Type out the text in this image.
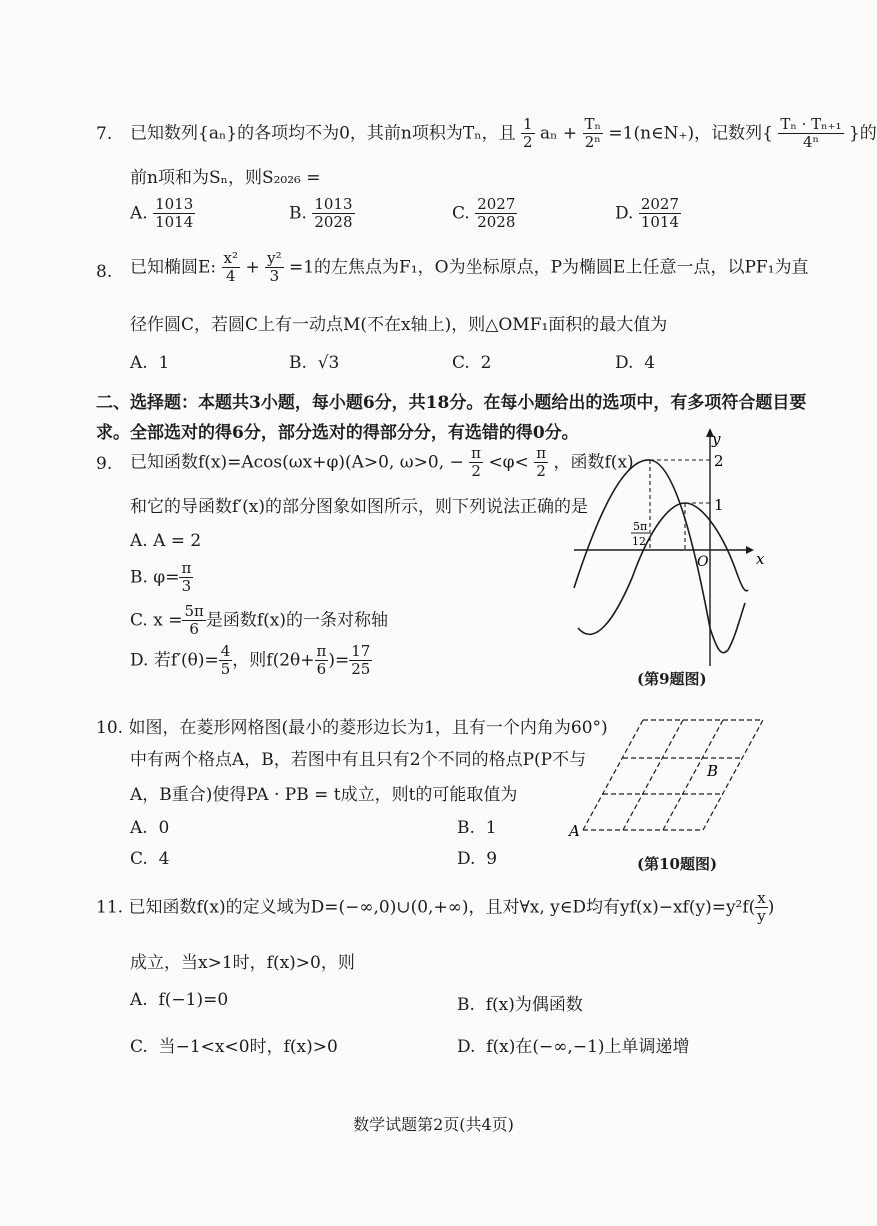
7. 已知数列{aₙ}的各项均不为0，其前n项积为Tₙ，且 $\frac{1}{2}$ $a_n + \frac{\text{Tₙ}}{\text{2ⁿ}}$ =1(n∈N₊)，记数列{ $\frac{\text{Tₙ · Tₙ₊₁}}{\text{4ⁿ}}$ }的
前n项和为Sₙ，则S₂₀₂₆ =
A. $\frac{1013}{1014}$	B. $\frac{1013}{2028}$	C. $\frac{2027}{2028}$	D. $\frac{2027}{1014}$
8. 已知椭圆E: $\frac{\text{x²}}{4} + \frac{\text{y²}}{3} =1$的左焦点为F₁，O为坐标原点，P为椭圆E上任意一点，以PF₁为直
径作圆C，若圆C上有一动点M(不在x轴上)，则△OMF₁面积的最大值为
A. 1	B. √3	C. 2	D. 4
二、选择题：本题共3小题，每小题6分，共18分。在每小题给出的选项中，有多项符合题目要
求。全部选对的得6分，部分选对的得部分分，有选错的得0分。
9. 已知函数f(x)=Acos(ωx+φ)(A>0, ω>0, − $\frac{\pi}{2} <\varphi< \frac{\pi}{2}$ ，函数f(x)
和它的导函数f′(x)的部分图象如图所示，则下列说法正确的是
A. A = 2
B. $\varphi= \frac{\pi}{3}$
C. $x = \frac{5\pi}{6}$ 是函数f(x)的一条对称轴
D. 若$f'(\theta)= \frac{4}{5}$ ，则$f(2\theta+ \frac{\pi}{6}$ )= $\frac{17}{25}$
y
x
O
2
1
5π
12
(第9题图)
10. 如图，在菱形网格图(最小的菱形边长为1，且有一个内角为60°)
中有两个格点A，B，若图中有且只有2个不同的格点P(P不与
A，B重合)使得PA · PB = t成立，则t的可能取值为
A. 0	B. 1
C. 4	D. 9
A
B
(第10题图)
11. 已知函数f(x)的定义域为D=(−∞,0)∪(0,+∞)，且对∀x, y∈D均有$yf(x)-xf(y)=y^2f( \frac{x}{y}$ )
成立，当x>1时，f(x)>0，则
A. f(−1)=0	B. f(x)为偶函数
C. 当−1<x<0时，f(x)>0	D. f(x)在(−∞,−1)上单调递增
数学试题第2页(共4页)
